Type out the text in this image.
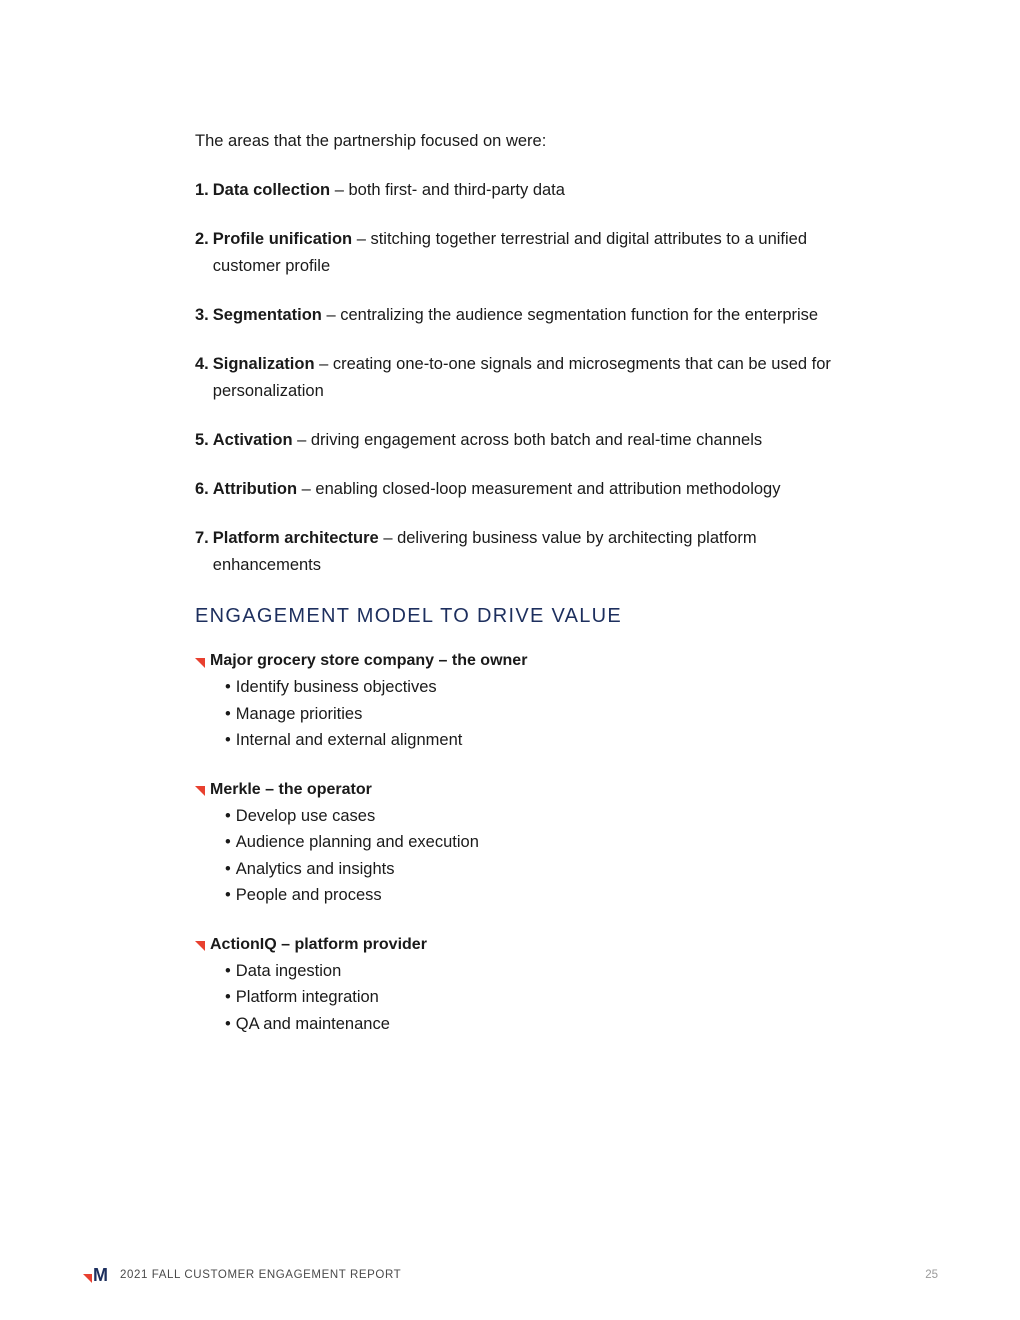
The areas that the partnership focused on were:

1. Data collection – both first- and third-party data
2. Profile unification – stitching together terrestrial and digital attributes to a unified customer profile
3. Segmentation – centralizing the audience segmentation function for the enterprise
4. Signalization – creating one-to-one signals and microsegments that can be used for personalization
5. Activation – driving engagement across both batch and real-time channels
6. Attribution – enabling closed-loop measurement and attribution methodology
7. Platform architecture – delivering business value by architecting platform enhancements
ENGAGEMENT MODEL TO DRIVE VALUE
Major grocery store company – the owner
• Identify business objectives
• Manage priorities
• Internal and external alignment
Merkle – the operator
• Develop use cases
• Audience planning and execution
• Analytics and insights
• People and process
ActionIQ – platform provider
• Data ingestion
• Platform integration
• QA and maintenance
M 2021 FALL CUSTOMER ENGAGEMENT REPORT	25
